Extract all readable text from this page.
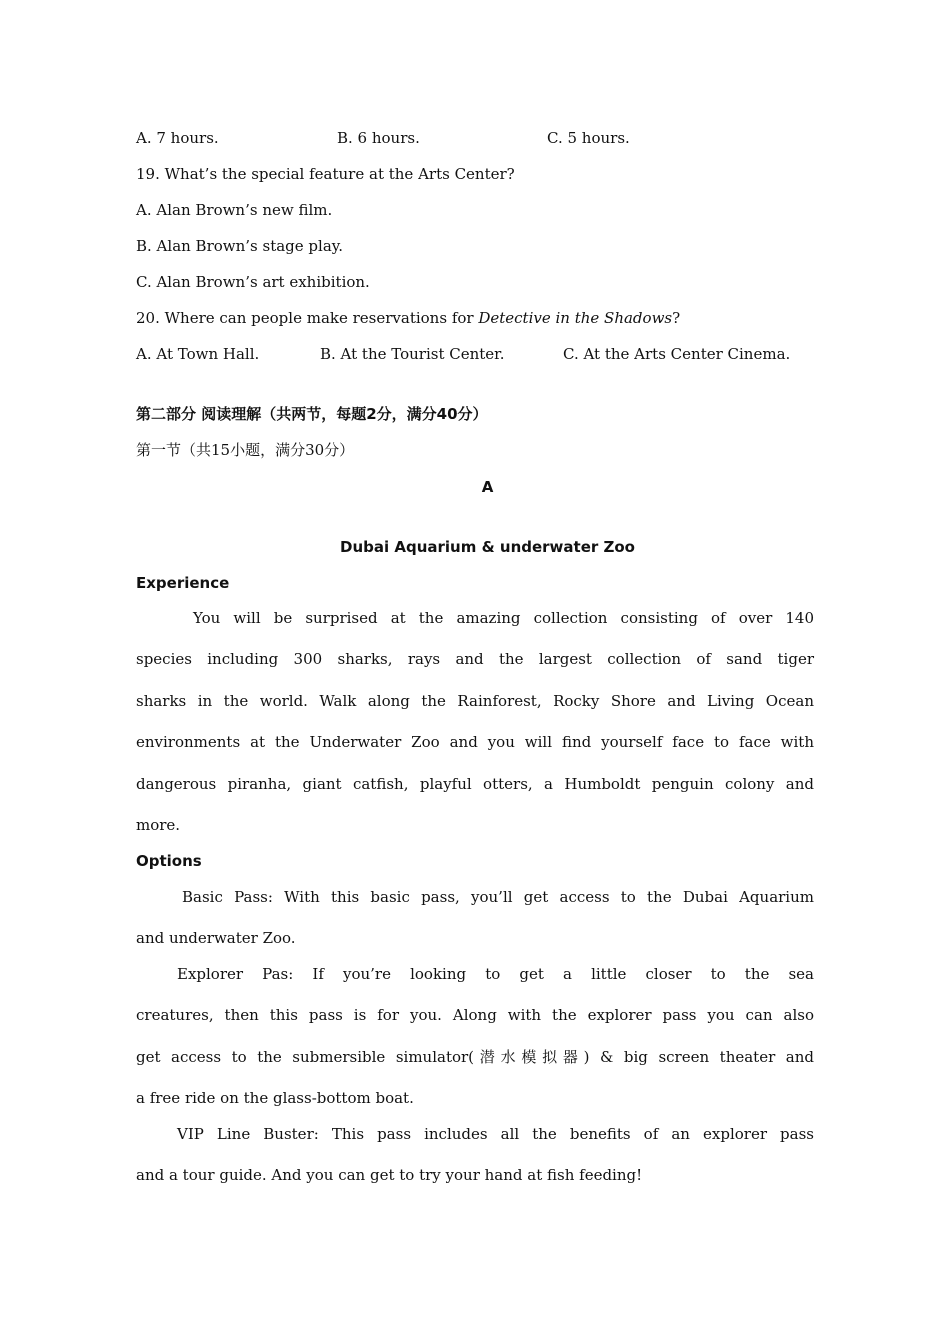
A. 7 hours.	B. 6 hours.	C. 5 hours.
19. What’s the special feature at the Arts Center?
A. Alan Brown’s new film.
B. Alan Brown’s stage play.
C. Alan Brown’s art exhibition.
20. Where can people make reservations for Detective in the Shadows?
A. At Town Hall.	B. At the Tourist Center.	C. At the Arts Center Cinema.
第二部分 阅读理解（共两节，每题2分，满分40分）
第一节（共15小题，满分30分）
A
Dubai Aquarium & underwater Zoo
Experience
You will be surprised at the amazing collection consisting of over 140
species including 300 sharks, rays and the largest collection of sand tiger
sharks in the world. Walk along the Rainforest, Rocky Shore and Living Ocean
environments at the Underwater Zoo and you will find yourself face to face with
dangerous piranha, giant catfish, playful otters, a Humboldt penguin colony and
more.
Options
Basic Pass: With this basic pass, you’ll get access to the Dubai Aquarium
and underwater Zoo.
Explorer Pas: If you’re looking to get a little closer to the sea
creatures, then this pass is for you. Along with the explorer pass you can also
get access to the submersible simulator(潜水模拟器) & big screen theater and
a free ride on the glass-bottom boat.
VIP Line Buster: This pass includes all the benefits of an explorer pass
and a tour guide. And you can get to try your hand at fish feeding!
